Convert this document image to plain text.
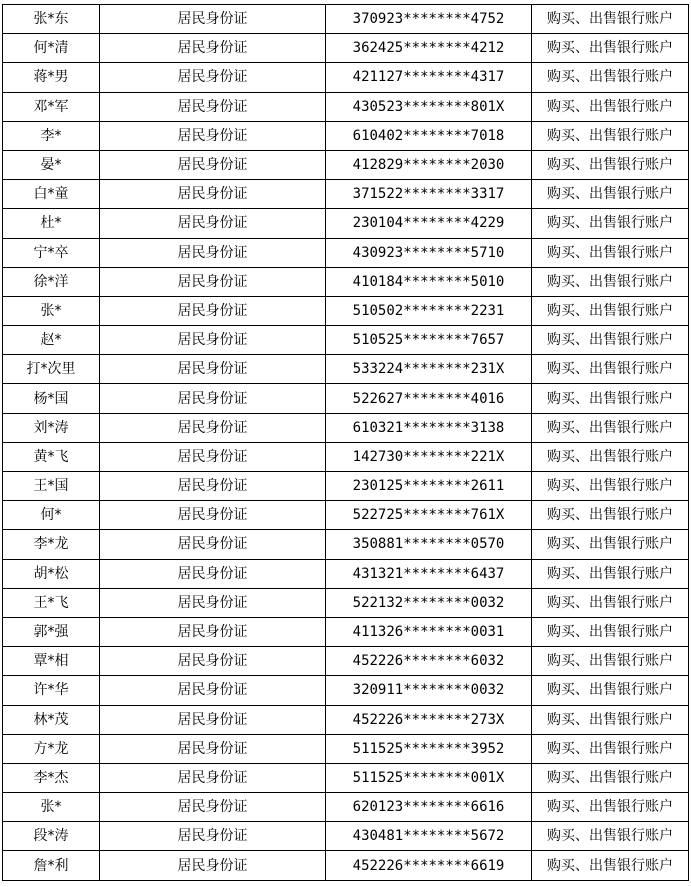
张*东	居民身份证	370923********4752	购买、出售银行账户
何*清	居民身份证	362425********4212	购买、出售银行账户
蒋*男	居民身份证	421127********4317	购买、出售银行账户
邓*军	居民身份证	430523********801X	购买、出售银行账户
李*	居民身份证	610402********7018	购买、出售银行账户
晏*	居民身份证	412829********2030	购买、出售银行账户
白*童	居民身份证	371522********3317	购买、出售银行账户
杜*	居民身份证	230104********4229	购买、出售银行账户
宁*卒	居民身份证	430923********5710	购买、出售银行账户
徐*洋	居民身份证	410184********5010	购买、出售银行账户
张*	居民身份证	510502********2231	购买、出售银行账户
赵*	居民身份证	510525********7657	购买、出售银行账户
打*次里	居民身份证	533224********231X	购买、出售银行账户
杨*国	居民身份证	522627********4016	购买、出售银行账户
刘*涛	居民身份证	610321********3138	购买、出售银行账户
黄*飞	居民身份证	142730********221X	购买、出售银行账户
王*国	居民身份证	230125********2611	购买、出售银行账户
何*	居民身份证	522725********761X	购买、出售银行账户
李*龙	居民身份证	350881********0570	购买、出售银行账户
胡*松	居民身份证	431321********6437	购买、出售银行账户
王*飞	居民身份证	522132********0032	购买、出售银行账户
郭*强	居民身份证	411326********0031	购买、出售银行账户
覃*相	居民身份证	452226********6032	购买、出售银行账户
许*华	居民身份证	320911********0032	购买、出售银行账户
林*茂	居民身份证	452226********273X	购买、出售银行账户
方*龙	居民身份证	511525********3952	购买、出售银行账户
李*杰	居民身份证	511525********001X	购买、出售银行账户
张*	居民身份证	620123********6616	购买、出售银行账户
段*涛	居民身份证	430481********5672	购买、出售银行账户
詹*利	居民身份证	452226********6619	购买、出售银行账户
